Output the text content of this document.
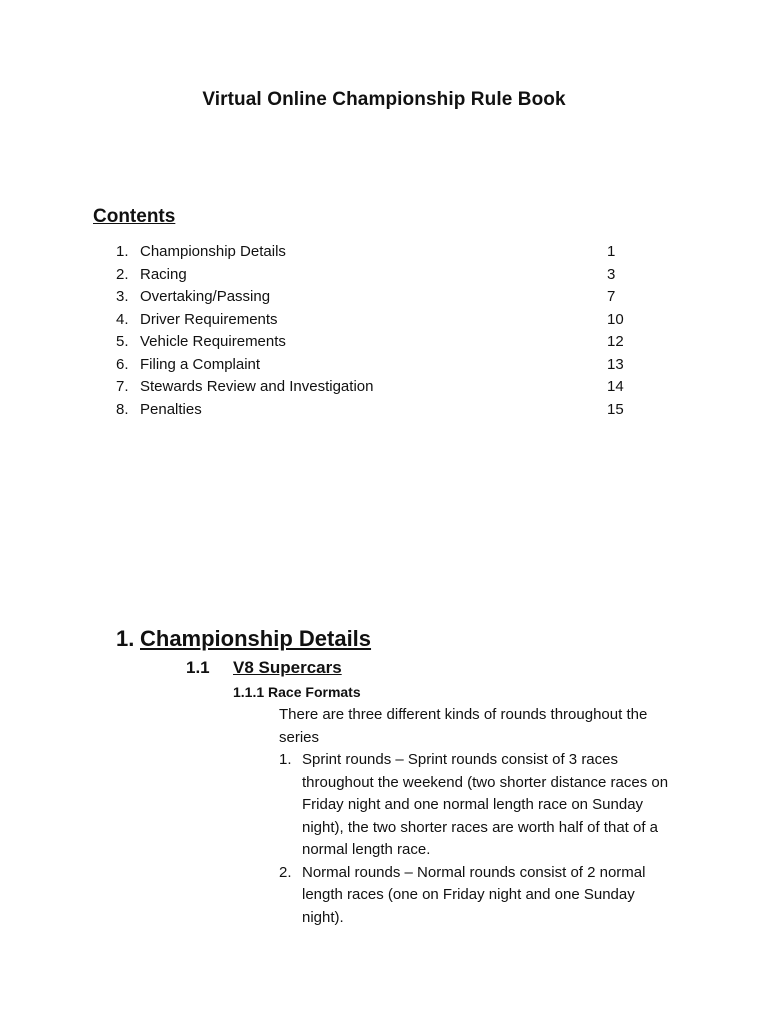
Virtual Online Championship Rule Book
Contents
1. Championship Details	1
2. Racing	3
3. Overtaking/Passing	7
4. Driver Requirements	10
5. Vehicle Requirements	12
6. Filing a Complaint	13
7. Stewards Review and Investigation	14
8. Penalties	15
1. Championship Details
1.1	V8 Supercars
1.1.1 Race Formats

There are three different kinds of rounds throughout the series

1. Sprint rounds – Sprint rounds consist of 3 races throughout the weekend (two shorter distance races on Friday night and one normal length race on Sunday night), the two shorter races are worth half of that of a normal length race.
2. Normal rounds – Normal rounds consist of 2 normal length races (one on Friday night and one Sunday night).
